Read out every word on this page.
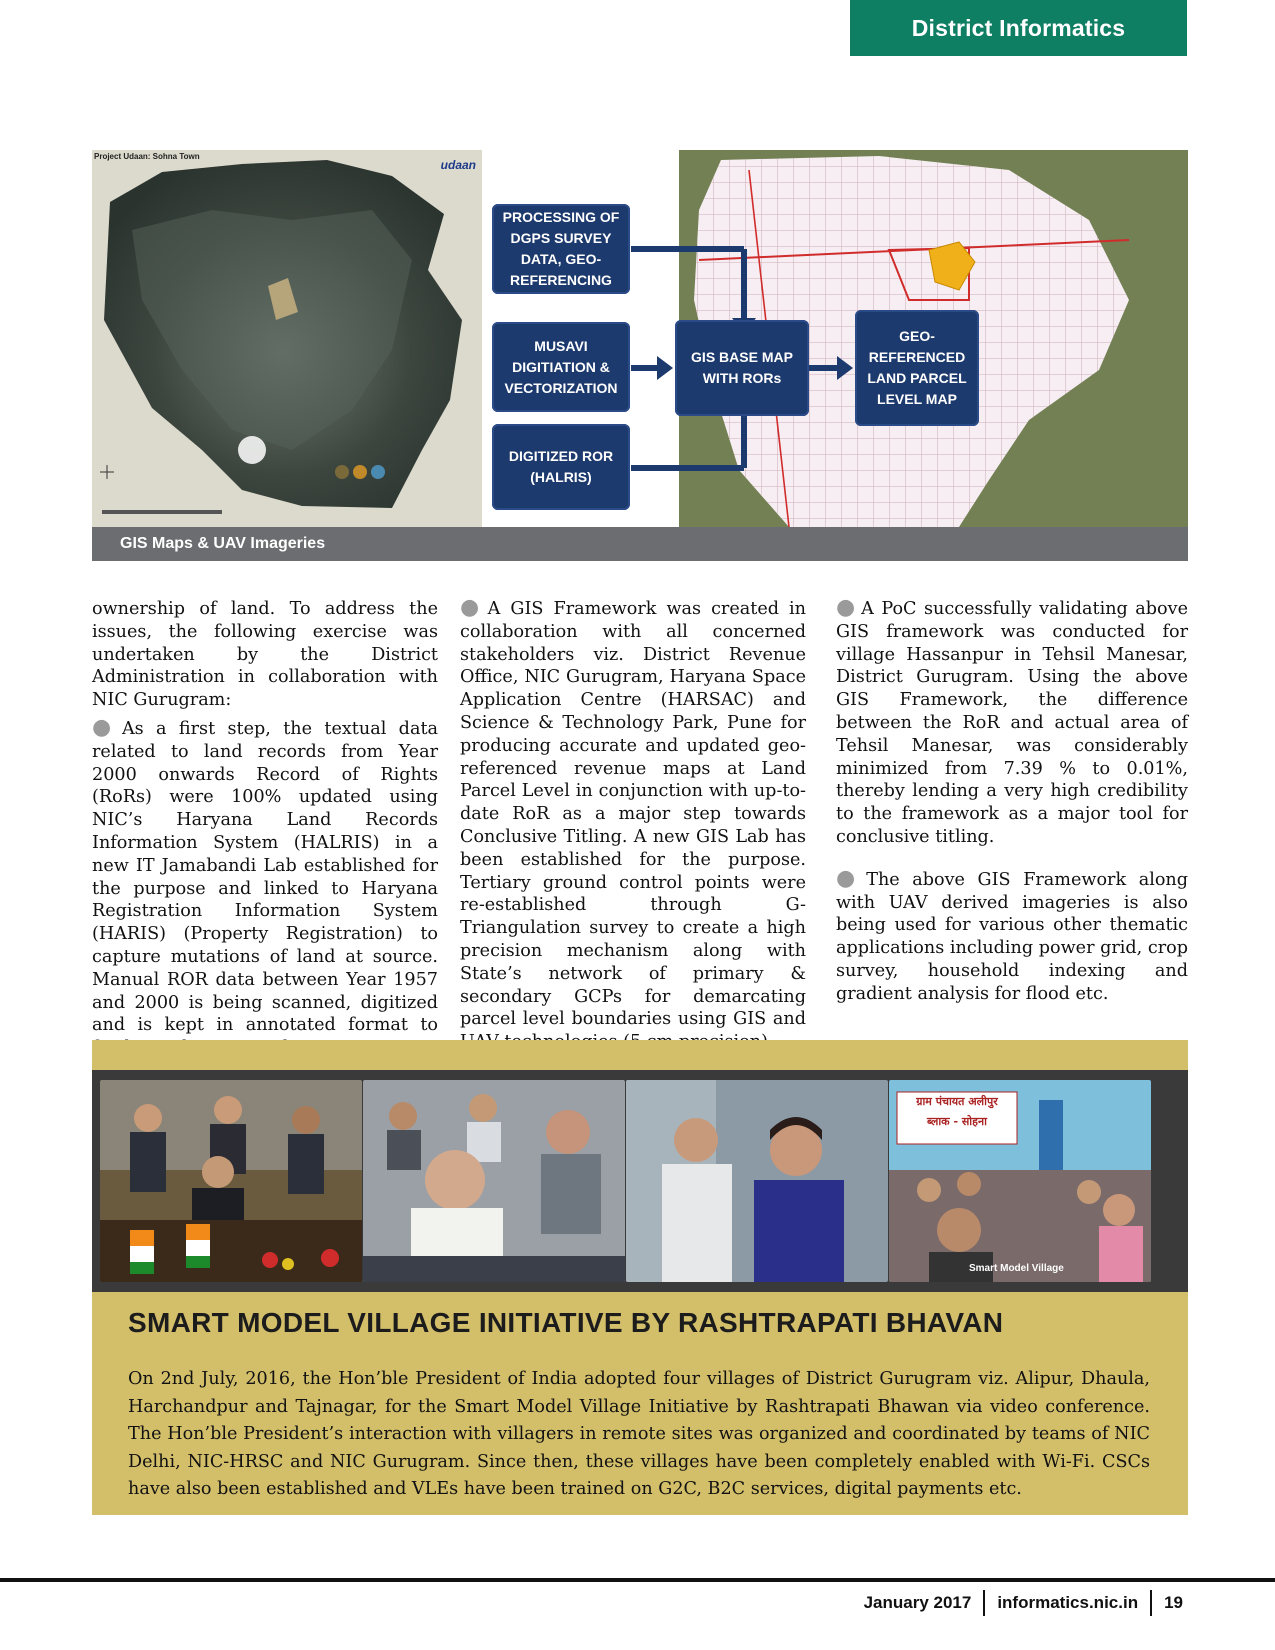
District Informatics
Project Udaan: Sohna Town
udaan
PROCESSING OF
DGPS SURVEY
DATA, GEO-
REFERENCING
MUSAVI
DIGITIATION &
VECTORIZATION
DIGITIZED ROR
(HALRIS)
GIS BASE MAP
WITH RORs
GEO-
REFERENCED
LAND PARCEL
LEVEL MAP
GIS Maps & UAV Imageries

ownership of land. To address the issues, the following exercise was undertaken by the District Administration in collaboration with NIC Gurugram:

● As a first step, the textual data related to land records from Year 2000 onwards Record of Rights (RoRs) were 100% updated using NIC’s Haryana Land Records Information System (HALRIS) in a new IT Jamabandi Lab established for the purpose and linked to Haryana Registration Information System (HARIS) (Property Registration) to capture mutations of land at source. Manual ROR data between Year 1957 and 2000 is being scanned, digitized and is kept in annotated format to

● A GIS Framework was created in collaboration with all concerned stakeholders viz. District Revenue Office, NIC Gurugram, Haryana Space Application Centre (HARSAC) and Science & Technology Park, Pune for producing accurate and updated geo-referenced revenue maps at Land Parcel Level in conjunction with up-to-date RoR as a major step towards Conclusive Titling. A new GIS Lab has been established for the purpose. Tertiary ground control points were re-established through G-Triangulation survey to create a high precision mechanism along with State’s network of primary & secondary GCPs for demarcating parcel level boundaries using GIS and

● A PoC successfully validating above GIS framework was conducted for village Hassanpur in Tehsil Manesar, District Gurugram. Using the above GIS Framework, the difference between the RoR and actual area of Tehsil Manesar, was considerably minimized from 7.39 % to 0.01%, thereby lending a very high credibility to the framework as a major tool for conclusive titling.

● The above GIS Framework along with UAV derived imageries is also being used for various other thematic applications including power grid, crop survey, household indexing and gradient analysis for flood etc.

ग्राम पंचायत अलीपुर
ब्लाक - सोहना
Smart Model Village
SMART MODEL VILLAGE INITIATIVE BY RASHTRAPATI BHAVAN
On 2nd July, 2016, the Hon’ble President of India adopted four villages of District Gurugram viz. Alipur, Dhaula, Harchandpur and Tajnagar, for the Smart Model Village Initiative by Rashtrapati Bhawan via video conference. The Hon’ble President’s interaction with villagers in remote sites was organized and coordinated by teams of NIC Delhi, NIC-HRSC and NIC Gurugram. Since then, these villages have been completely enabled with Wi-Fi. CSCs have also been established and VLEs have been trained on G2C, B2C services, digital payments etc.
January 2017 informatics.nic.in 19
